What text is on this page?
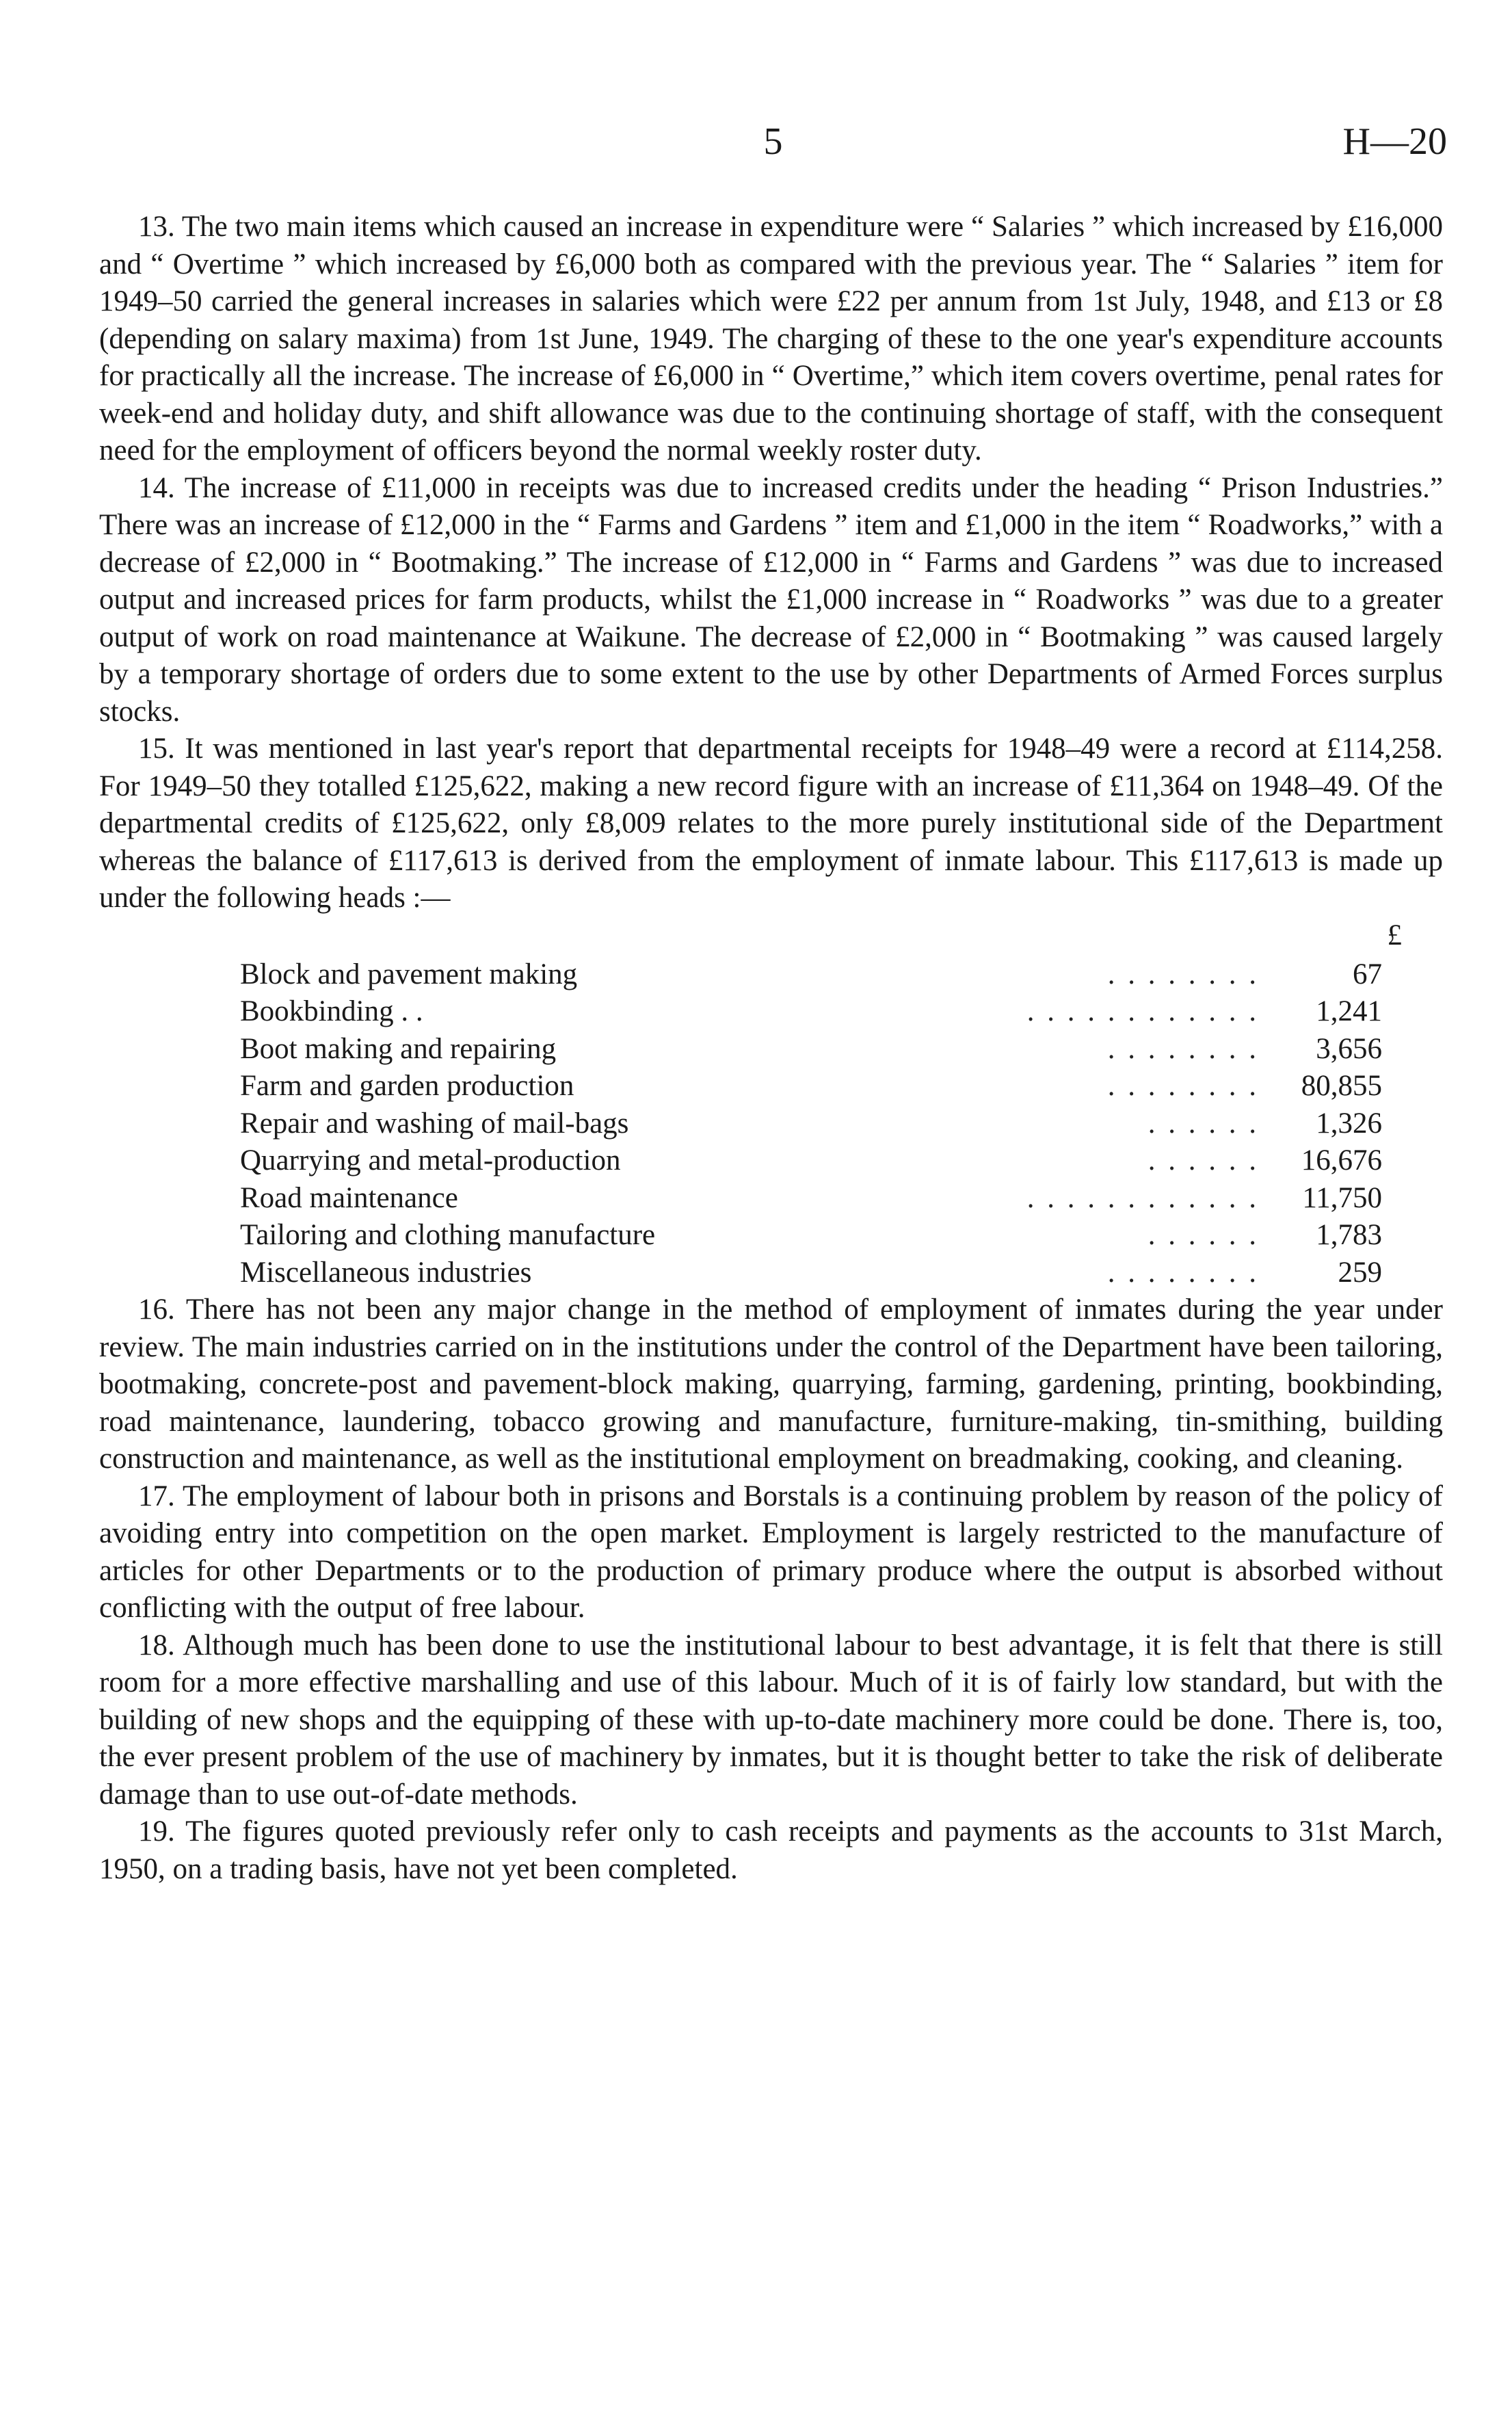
5	H—20

13. The two main items which caused an increase in expenditure were “ Salaries ” which increased by £16,000 and “ Overtime ” which increased by £6,000 both as compared with the previous year. The “ Salaries ” item for 1949–50 carried the general increases in salaries which were £22 per annum from 1st July, 1948, and £13 or £8 (depending on salary maxima) from 1st June, 1949. The charging of these to the one year's expenditure accounts for practically all the increase. The increase of £6,000 in “ Overtime,” which item covers overtime, penal rates for week-end and holiday duty, and shift allowance was due to the continuing shortage of staff, with the consequent need for the employment of officers beyond the normal weekly roster duty.

14. The increase of £11,000 in receipts was due to increased credits under the heading “ Prison Industries.” There was an increase of £12,000 in the “ Farms and Gardens ” item and £1,000 in the item “ Roadworks,” with a decrease of £2,000 in “ Bootmaking.” The increase of £12,000 in “ Farms and Gardens ” was due to increased output and increased prices for farm products, whilst the £1,000 increase in “ Roadworks ” was due to a greater output of work on road maintenance at Waikune. The decrease of £2,000 in “ Bootmaking ” was caused largely by a temporary shortage of orders due to some extent to the use by other Departments of Armed Forces surplus stocks.

15. It was mentioned in last year's report that departmental receipts for 1948–49 were a record at £114,258. For 1949–50 they totalled £125,622, making a new record figure with an increase of £11,364 on 1948–49. Of the departmental credits of £125,622, only £8,009 relates to the more purely institutional side of the Department whereas the balance of £117,613 is derived from the employment of inmate labour. This £117,613 is made up under the following heads :—

£
. . . . . . . .
Block and pavement making	67
. . . . . . . . . . . .
Bookbinding . .	1,241
. . . . . . . .
Boot making and repairing	3,656
. . . . . . . .
Farm and garden production	80,855
. . . . . .
Repair and washing of mail-bags	1,326
. . . . . .
Quarrying and metal-production	16,676
. . . . . . . . . . . .
Road maintenance	11,750
. . . . . .
Tailoring and clothing manufacture	1,783
. . . . . . . .
Miscellaneous industries	259

16. There has not been any major change in the method of employment of inmates during the year under review. The main industries carried on in the institutions under the control of the Department have been tailoring, bootmaking, concrete-post and pavement-block making, quarrying, farming, gardening, printing, bookbinding, road maintenance, laundering, tobacco growing and manufacture, furniture-making, tin-smithing, building construction and maintenance, as well as the institutional employment on breadmaking, cooking, and cleaning.

17. The employment of labour both in prisons and Borstals is a continuing problem by reason of the policy of avoiding entry into competition on the open market. Employment is largely restricted to the manufacture of articles for other Departments or to the production of primary produce where the output is absorbed without conflicting with the output of free labour.

18. Although much has been done to use the institutional labour to best advantage, it is felt that there is still room for a more effective marshalling and use of this labour. Much of it is of fairly low standard, but with the building of new shops and the equipping of these with up-to-date machinery more could be done. There is, too, the ever present problem of the use of machinery by inmates, but it is thought better to take the risk of deliberate damage than to use out-of-date methods.

19. The figures quoted previously refer only to cash receipts and payments as the accounts to 31st March, 1950, on a trading basis, have not yet been completed.
